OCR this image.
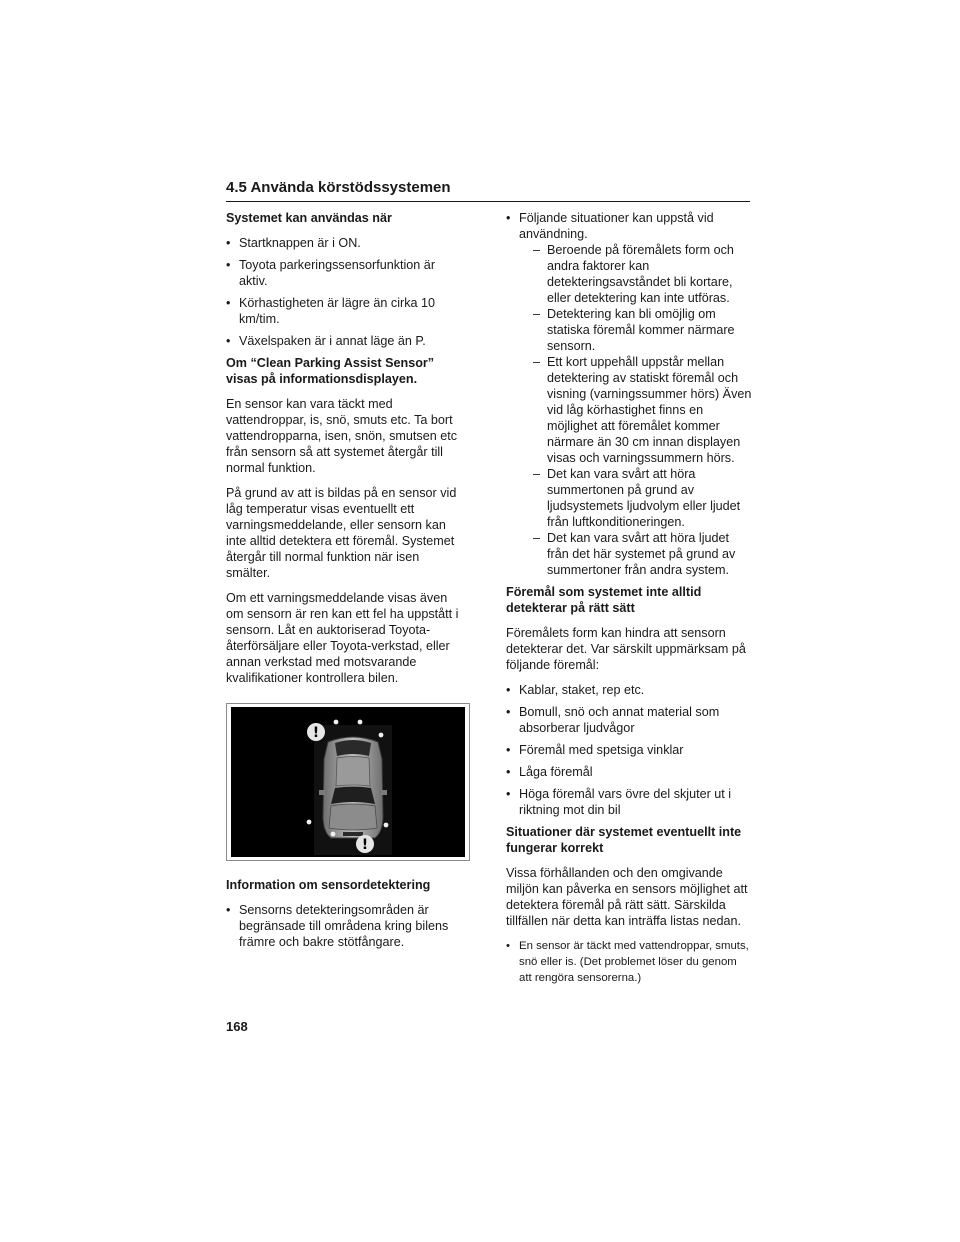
4.5 Använda körstödssystemen
Systemet kan användas när
• Startknappen är i ON.
• Toyota parkeringssensorfunktion är aktiv.
• Körhastigheten är lägre än cirka 10 km/tim.
• Växelspaken är i annat läge än P.
Om “Clean Parking Assist Sensor” visas på informationsdisplayen.

En sensor kan vara täckt med vattendroppar, is, snö, smuts etc. Ta bort vattendropparna, isen, snön, smutsen etc från sensorn så att systemet återgår till normal funktion.

På grund av att is bildas på en sensor vid låg temperatur visas eventuellt ett varningsmeddelande, eller sensorn kan inte alltid detektera ett föremål. Systemet återgår till normal funktion när isen smälter.

Om ett varningsmeddelande visas även om sensorn är ren kan ett fel ha uppstått i sensorn. Låt en auktoriserad Toyota-återförsäljare eller Toyota-verkstad, eller annan verkstad med motsvarande kvalifikationer kontrollera bilen.

!
!
Information om sensordetektering
• Sensorns detekteringsområden är begränsade till områdena kring bilens främre och bakre stötfångare.
• Följande situationer kan uppstå vid användning.
– Beroende på föremålets form och andra faktorer kan detekteringsavståndet bli kortare, eller detektering kan inte utföras.
– Detektering kan bli omöjlig om statiska föremål kommer närmare sensorn.
– Ett kort uppehåll uppstår mellan detektering av statiskt föremål och visning (varningssummer hörs) Även vid låg körhastighet finns en möjlighet att föremålet kommer närmare än 30 cm innan displayen visas och varningssummern hörs.
– Det kan vara svårt att höra summertonen på grund av ljudsystemets ljudvolym eller ljudet från luftkonditioneringen.
– Det kan vara svårt att höra ljudet från det här systemet på grund av summertoner från andra system.
Föremål som systemet inte alltid detekterar på rätt sätt

Föremålets form kan hindra att sensorn detekterar det. Var särskilt uppmärksam på följande föremål:

• Kablar, staket, rep etc.
• Bomull, snö och annat material som absorberar ljudvågor
• Föremål med spetsiga vinklar
• Låga föremål
• Höga föremål vars övre del skjuter ut i riktning mot din bil
Situationer där systemet eventuellt inte fungerar korrekt

Vissa förhållanden och den omgivande miljön kan påverka en sensors möjlighet att detektera föremål på rätt sätt. Särskilda tillfällen när detta kan inträffa listas nedan.

• En sensor är täckt med vattendroppar, smuts, snö eller is. (Det problemet löser du genom att rengöra sensorerna.)
168
